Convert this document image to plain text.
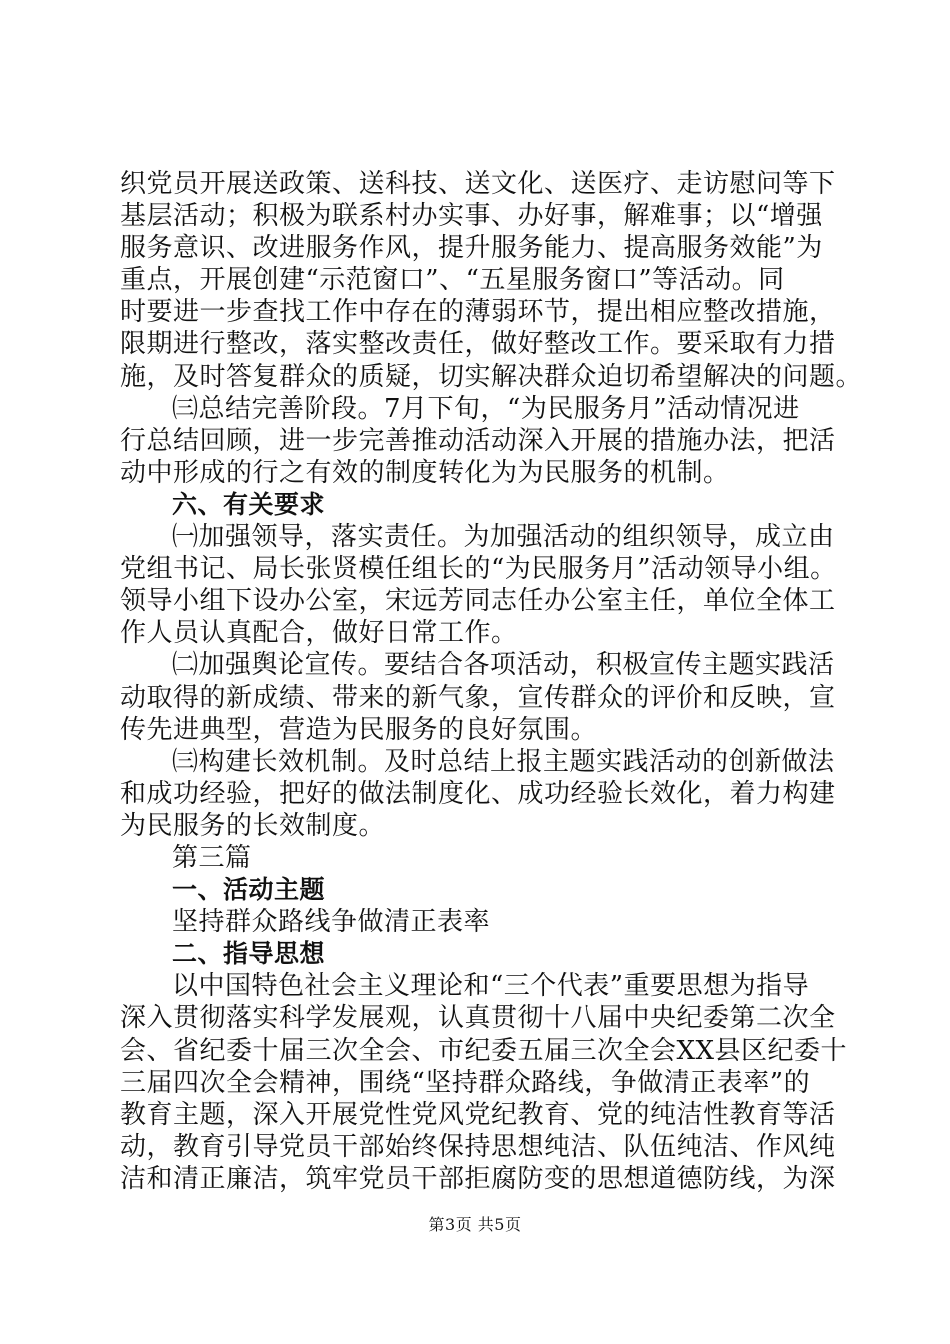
织党员开展送政策、送科技、送文化、送医疗、走访慰问等下
基层活动；积极为联系村办实事、办好事，解难事；以“增强
服务意识、改进服务作风，提升服务能力、提高服务效能”为
重点，开展创建“示范窗口”、“五星服务窗口”等活动。同
时要进一步查找工作中存在的薄弱环节，提出相应整改措施，
限期进行整改，落实整改责任，做好整改工作。要采取有力措
施，及时答复群众的质疑，切实解决群众迫切希望解决的问题。
㈢总结完善阶段。7月下旬，“为民服务月”活动情况进
行总结回顾，进一步完善推动活动深入开展的措施办法，把活
动中形成的行之有效的制度转化为为民服务的机制。
六、有关要求
㈠加强领导，落实责任。为加强活动的组织领导，成立由
党组书记、局长张贤模任组长的“为民服务月”活动领导小组。
领导小组下设办公室，宋远芳同志任办公室主任，单位全体工
作人员认真配合，做好日常工作。
㈡加强舆论宣传。要结合各项活动，积极宣传主题实践活
动取得的新成绩、带来的新气象，宣传群众的评价和反映，宣
传先进典型，营造为民服务的良好氛围。
㈢构建长效机制。及时总结上报主题实践活动的创新做法
和成功经验，把好的做法制度化、成功经验长效化，着力构建
为民服务的长效制度。
第三篇
一、活动主题
坚持群众路线争做清正表率
二、指导思想
以中国特色社会主义理论和“三个代表”重要思想为指导
深入贯彻落实科学发展观，认真贯彻十八届中央纪委第二次全
会、省纪委十届三次全会、市纪委五届三次全会XX县区纪委十
三届四次全会精神，围绕“坚持群众路线，争做清正表率”的
教育主题，深入开展党性党风党纪教育、党的纯洁性教育等活
动，教育引导党员干部始终保持思想纯洁、队伍纯洁、作风纯
洁和清正廉洁，筑牢党员干部拒腐防变的思想道德防线，为深
第3页 共5页
